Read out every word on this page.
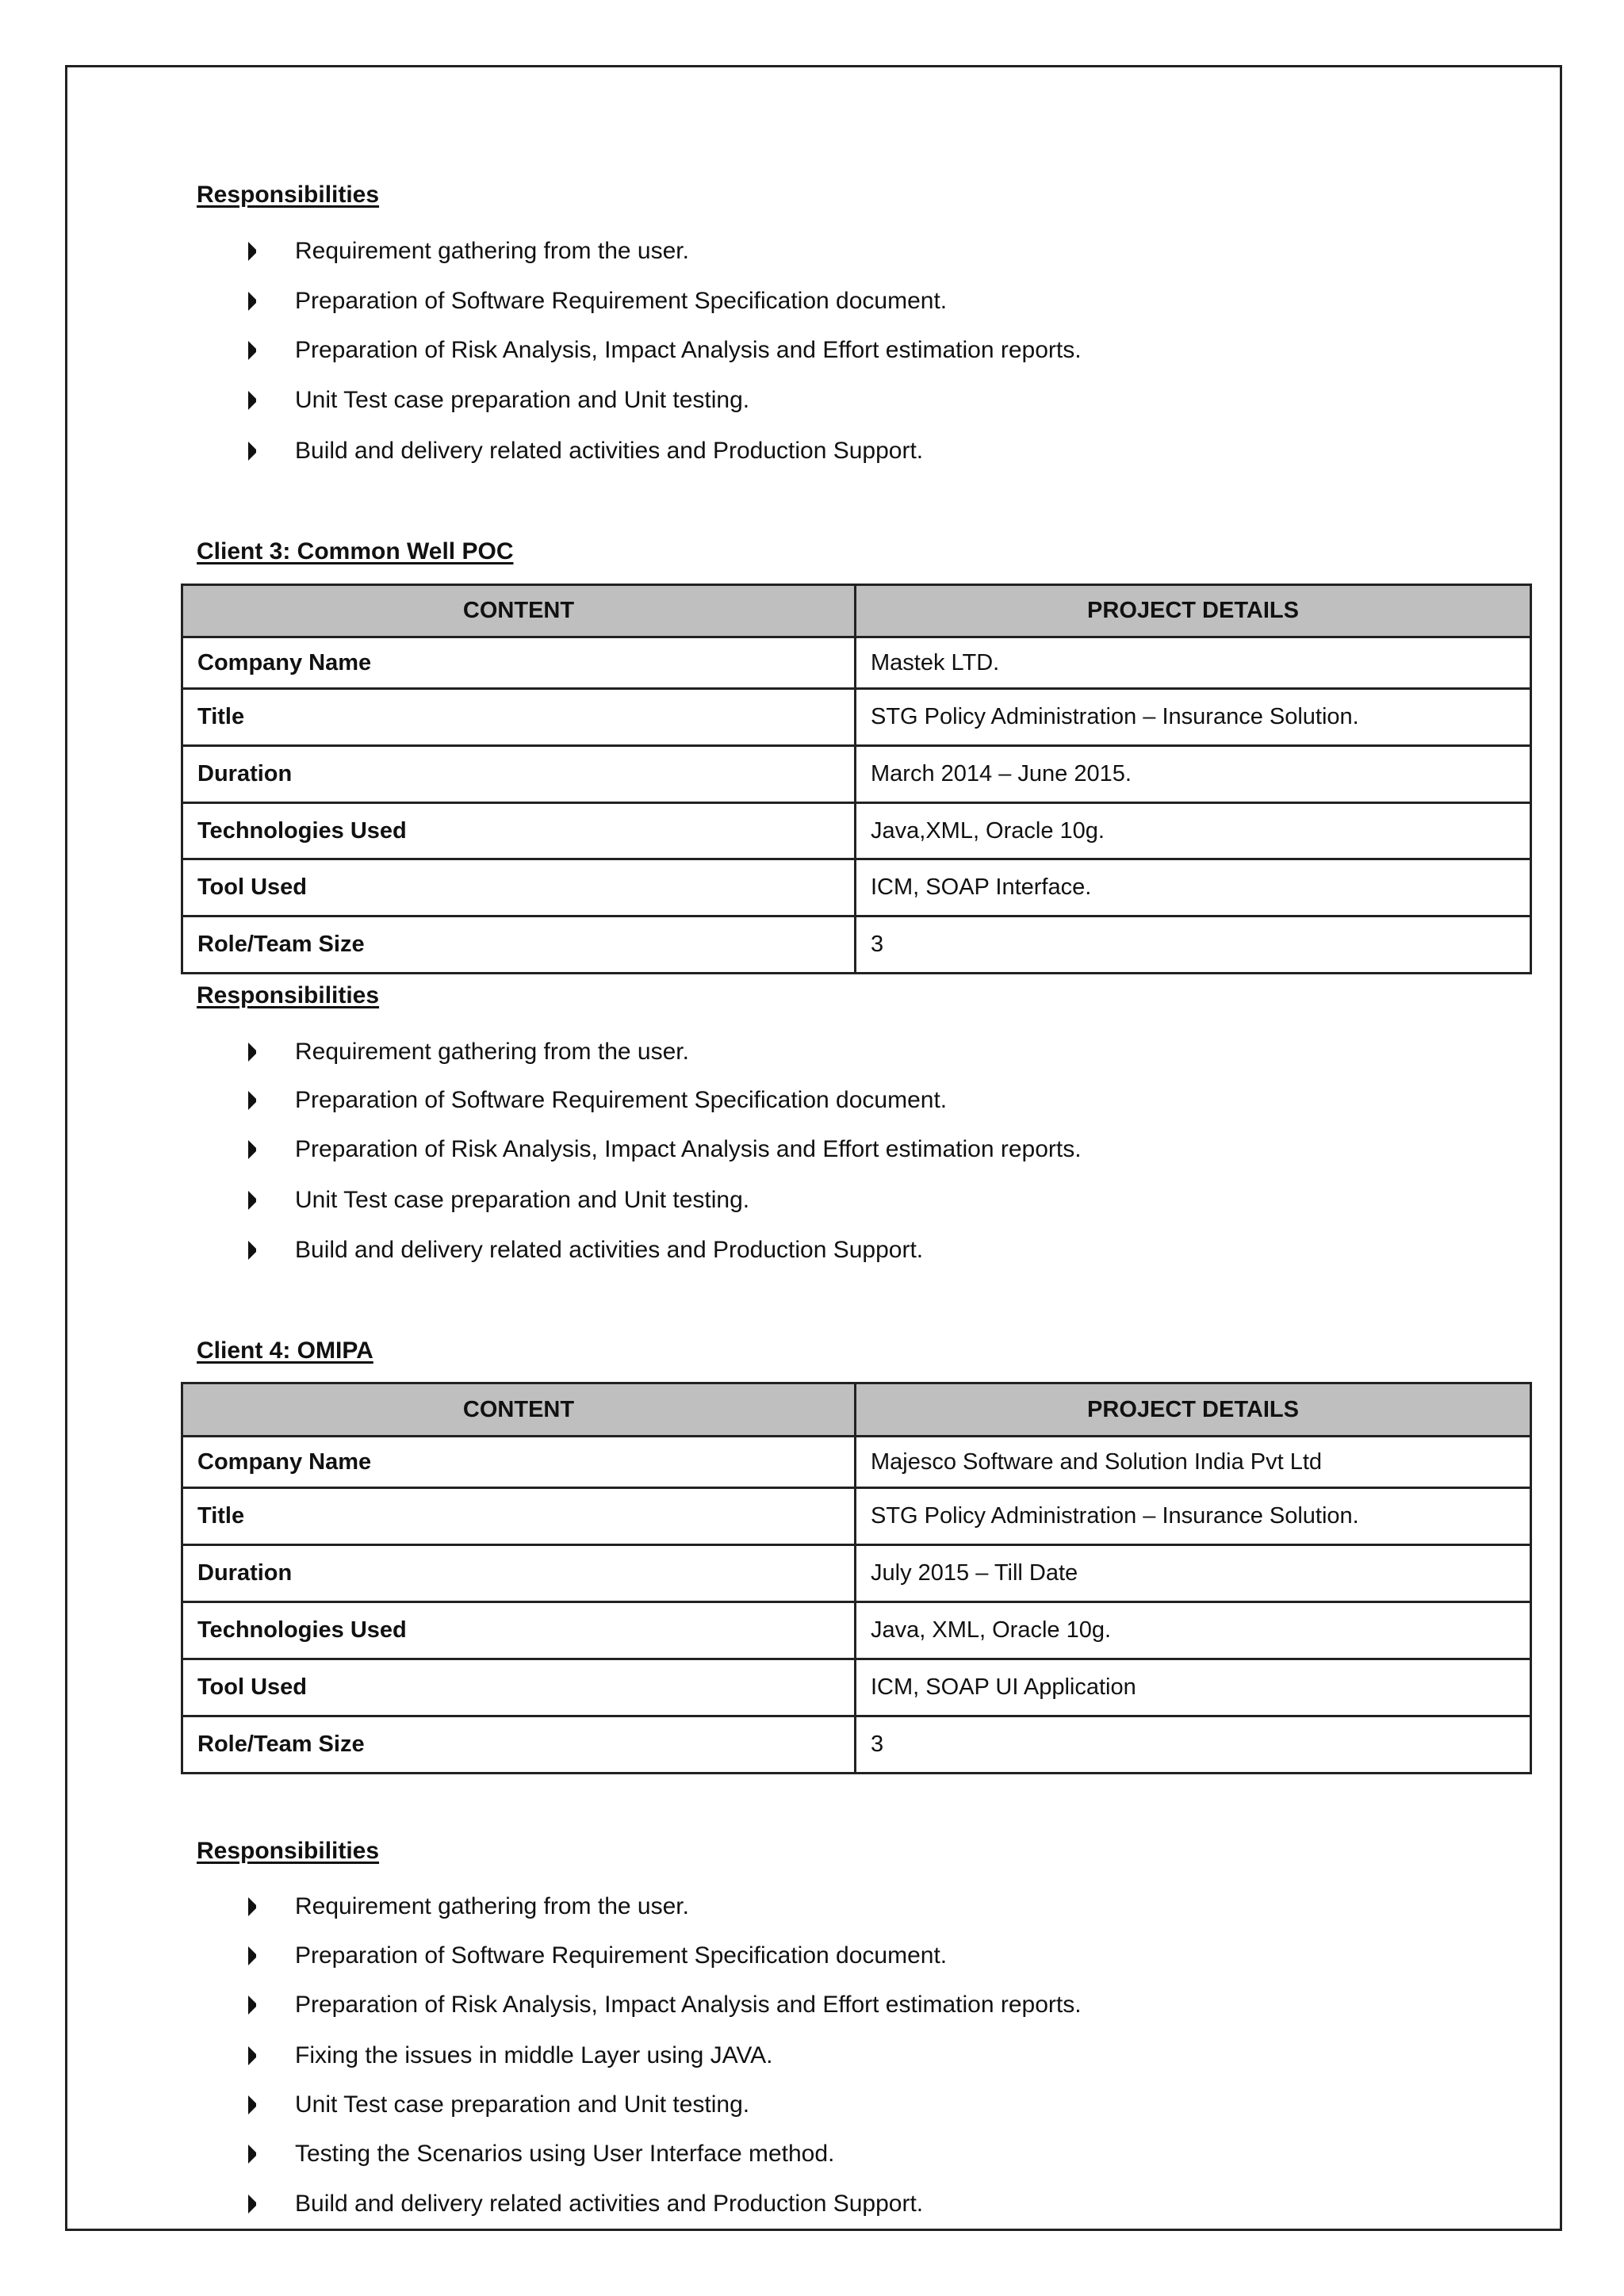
Responsibilities
Requirement gathering from the user.
Preparation of Software Requirement Specification document.
Preparation of Risk Analysis, Impact Analysis and Effort estimation reports.
Unit Test case preparation and Unit testing.
Build and delivery related activities and Production Support.
Client 3: Common Well POC
CONTENT	PROJECT DETAILS
Company Name	Mastek LTD.
Title	STG Policy Administration – Insurance Solution.
Duration	March 2014 – June 2015.
Technologies Used	Java,XML, Oracle 10g.
Tool Used	ICM, SOAP Interface.
Role/Team Size	3
Responsibilities
Requirement gathering from the user.
Preparation of Software Requirement Specification document.
Preparation of Risk Analysis, Impact Analysis and Effort estimation reports.
Unit Test case preparation and Unit testing.
Build and delivery related activities and Production Support.
Client 4: OMIPA
CONTENT	PROJECT DETAILS
Company Name	Majesco Software and Solution India Pvt Ltd
Title	STG Policy Administration – Insurance Solution.
Duration	July 2015 – Till Date
Technologies Used	Java, XML, Oracle 10g.
Tool Used	ICM, SOAP UI Application
Role/Team Size	3
Responsibilities
Requirement gathering from the user.
Preparation of Software Requirement Specification document.
Preparation of Risk Analysis, Impact Analysis and Effort estimation reports.
Fixing the issues in middle Layer using JAVA.
Unit Test case preparation and Unit testing.
Testing the Scenarios using User Interface method.
Build and delivery related activities and Production Support.
